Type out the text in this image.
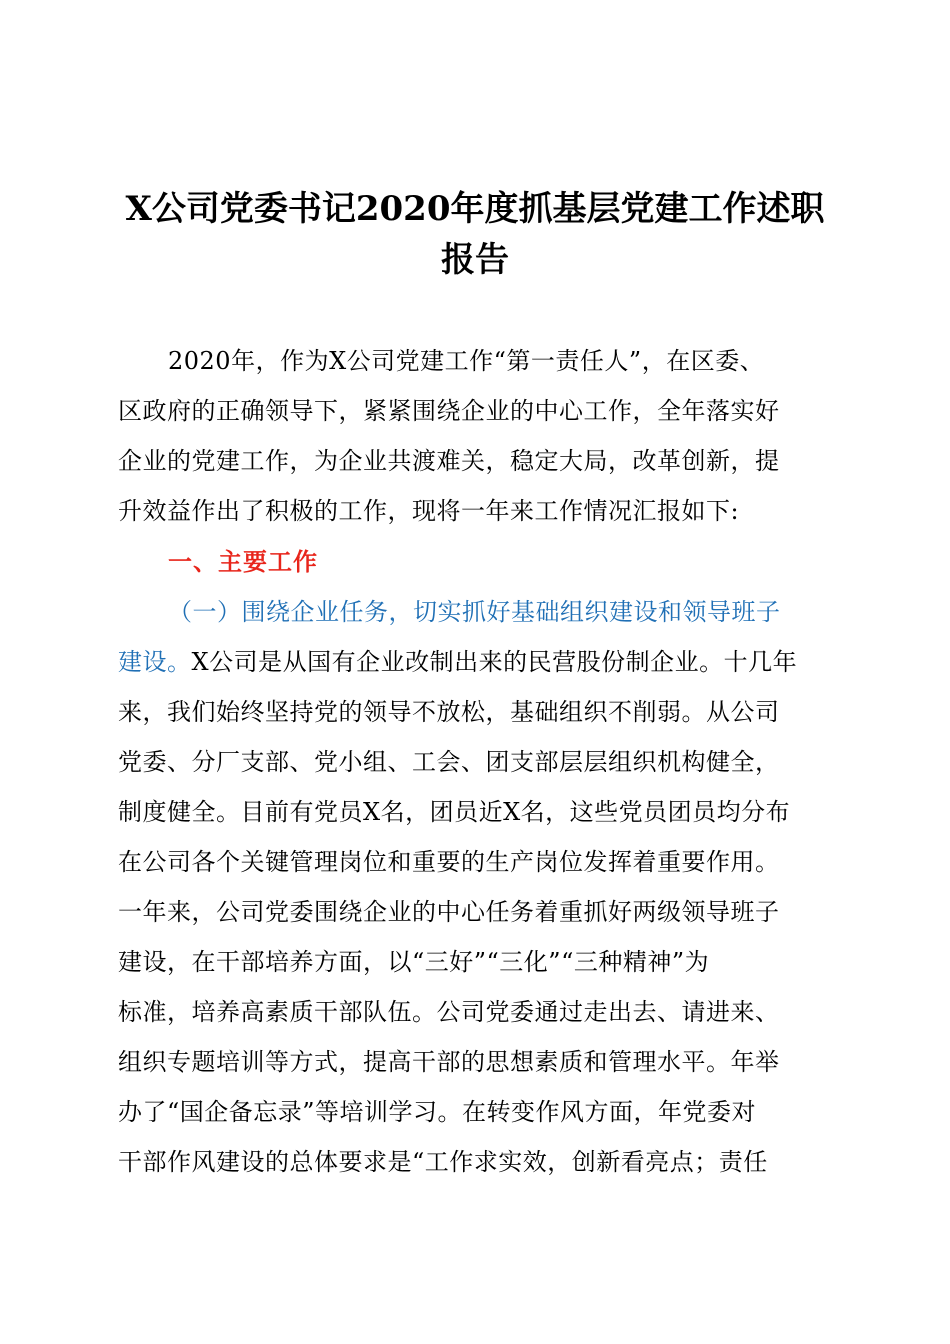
X公司党委书记2020年度抓基层党建工作述职
报告

2020年，作为X公司党建工作“第一责任人”，在区委、

区政府的正确领导下，紧紧围绕企业的中心工作，全年落实好

企业的党建工作，为企业共渡难关，稳定大局，改革创新，提

升效益作出了积极的工作，现将一年来工作情况汇报如下:

一、主要工作

（一）围绕企业任务，切实抓好基础组织建设和领导班子

建设。X公司是从国有企业改制出来的民营股份制企业。十几年

来，我们始终坚持党的领导不放松，基础组织不削弱。从公司

党委、分厂支部、党小组、工会、团支部层层组织机构健全，

制度健全。目前有党员X名，团员近X名，这些党员团员均分布

在公司各个关键管理岗位和重要的生产岗位发挥着重要作用。

一年来，公司党委围绕企业的中心任务着重抓好两级领导班子

建设，在干部培养方面，以“三好”“三化”“三种精神”为

标准，培养高素质干部队伍。公司党委通过走出去、请进来、

组织专题培训等方式，提高干部的思想素质和管理水平。年举

办了“国企备忘录”等培训学习。在转变作风方面，年党委对

干部作风建设的总体要求是“工作求实效，创新看亮点；责任
